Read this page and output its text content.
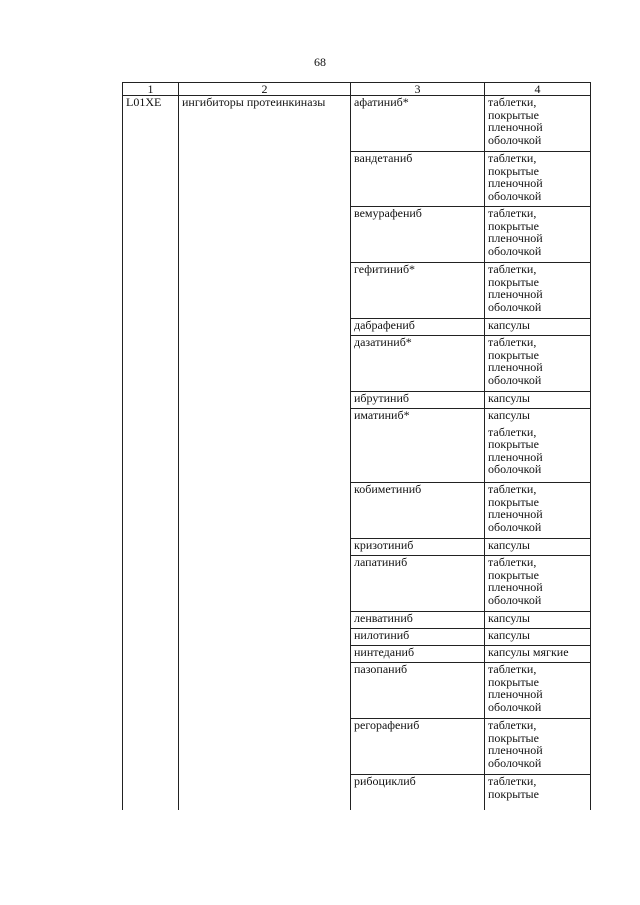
68
1	2	3	4
L01XE	ингибиторы протеинкиназы	афатиниб*	таблетки,
покрытые
пленочной
оболочкой

		вандетаниб	таблетки,
покрытые
пленочной
оболочкой

		вемурафениб	таблетки,
покрытые
пленочной
оболочкой

		гефитиниб*	таблетки,
покрытые
пленочной
оболочкой

		дабрафениб	капсулы

		дазатиниб*	таблетки,
покрытые
пленочной
оболочкой

		ибрутиниб	капсулы

		иматиниб*	капсулы
таблетки,
покрытые
пленочной
оболочкой

		кобиметиниб	таблетки,
покрытые
пленочной
оболочкой

		кризотиниб	капсулы

		лапатиниб	таблетки,
покрытые
пленочной
оболочкой

		ленватиниб	капсулы

		нилотиниб	капсулы

		нинтеданиб	капсулы мягкие

		пазопаниб	таблетки,
покрытые
пленочной
оболочкой

		регорафениб	таблетки,
покрытые
пленочной
оболочкой

		рибоциклиб	таблетки,
покрытые
